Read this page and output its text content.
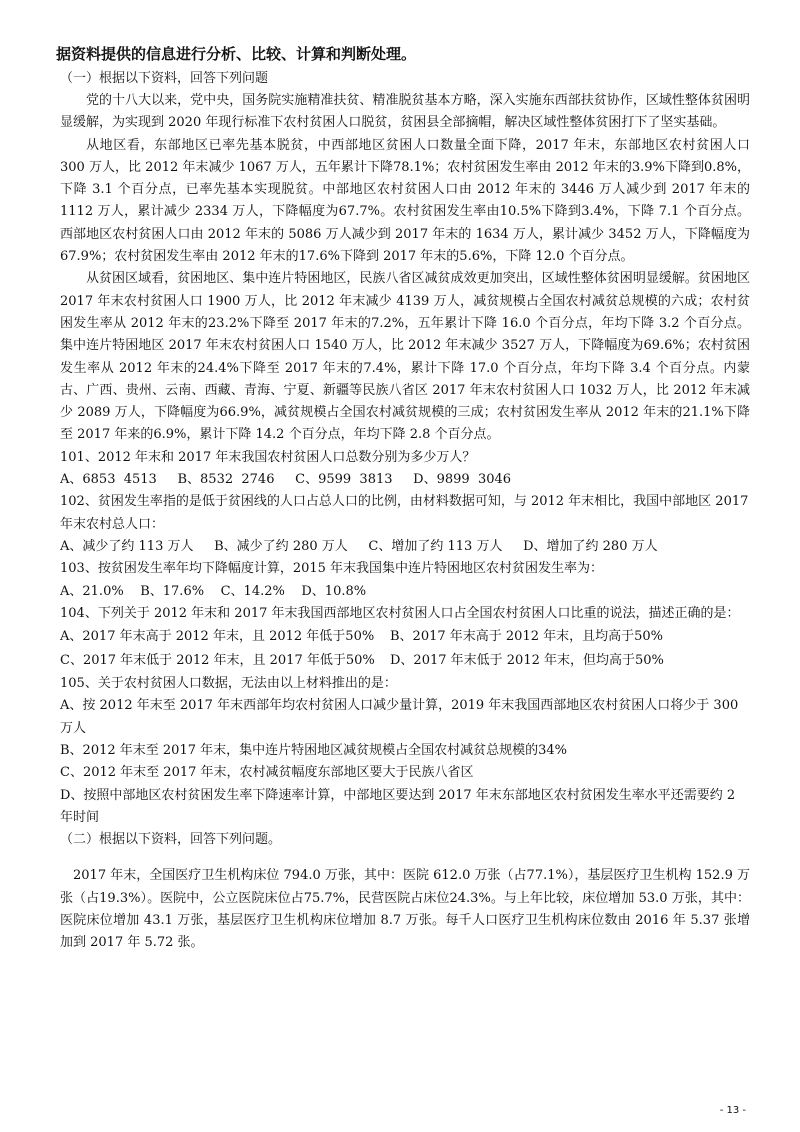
据资料提供的信息进行分析、比较、计算和判断处理。
（一）根据以下资料，回答下列问题

党的十八大以来，党中央，国务院实施精准扶贫、精准脱贫基本方略，深入实施东西部扶贫协作，区域性整体贫困明显缓解，为实现到 2020 年现行标准下农村贫困人口脱贫，贫困县全部摘帽，解决区域性整体贫困打下了坚实基础。

从地区看，东部地区已率先基本脱贫，中西部地区贫困人口数量全面下降，2017 年末，东部地区农村贫困人口 300 万人，比 2012 年末减少 1067 万人，五年累计下降78.1%；农村贫困发生率由 2012 年末的3.9%下降到0.8%，下降 3.1 个百分点，已率先基本实现脱贫。中部地区农村贫困人口由 2012 年末的 3446 万人减少到 2017 年末的 1112 万人，累计减少 2334 万人，下降幅度为67.7%。农村贫困发生率由10.5%下降到3.4%，下降 7.1 个百分点。西部地区农村贫困人口由 2012 年末的 5086 万人减少到 2017 年末的 1634 万人，累计减少 3452 万人，下降幅度为67.9%；农村贫困发生率由 2012 年末的17.6%下降到 2017 年末的5.6%，下降 12.0 个百分点。

从贫困区域看，贫困地区、集中连片特困地区，民族八省区减贫成效更加突出，区域性整体贫困明显缓解。贫困地区 2017 年末农村贫困人口 1900 万人，比 2012 年末减少 4139 万人，减贫规模占全国农村减贫总规模的六成；农村贫困发生率从 2012 年末的23.2%下降至 2017 年末的7.2%，五年累计下降 16.0 个百分点，年均下降 3.2 个百分点。集中连片特困地区 2017 年末农村贫困人口 1540 万人，比 2012 年末减少 3527 万人，下降幅度为69.6%；农村贫困发生率从 2012 年末的24.4%下降至 2017 年末的7.4%，累计下降 17.0 个百分点，年均下降 3.4 个百分点。内蒙古、广西、贵州、云南、西藏、青海、宁夏、新疆等民族八省区 2017 年末农村贫困人口 1032 万人，比 2012 年末减少 2089 万人，下降幅度为66.9%，减贫规模占全国农村减贫规模的三成；农村贫困发生率从 2012 年末的21.1%下降至 2017 年来的6.9%，累计下降 14.2 个百分点，年均下降 2.8 个百分点。

101、2012 年末和 2017 年末我国农村贫困人口总数分别为多少万人？
A、6853  4513     B、8532  2746     C、9599  3813     D、9899  3046
102、贫困发生率指的是低于贫困线的人口占总人口的比例，由材料数据可知，与 2012 年末相比，我国中部地区 2017 年末农村总人口：
A、减少了约 113 万人     B、减少了约 280 万人     C、增加了约 113 万人     D、增加了约 280 万人
103、按贫困发生率年均下降幅度计算，2015 年末我国集中连片特困地区农村贫困发生率为：
A、21.0%    B、17.6%    C、14.2%    D、10.8%
104、下列关于 2012 年末和 2017 年末我国西部地区农村贫困人口占全国农村贫困人口比重的说法，描述正确的是：
A、2017 年末高于 2012 年末，且 2012 年低于50%	B、2017 年末高于 2012 年末，且均高于50%
C、2017 年末低于 2012 年末，且 2017 年低于50%	D、2017 年末低于 2012 年末，但均高于50%
105、关于农村贫困人口数据，无法由以上材料推出的是：
A、按 2012 年末至 2017 年末西部年均农村贫困人口减少量计算，2019 年末我国西部地区农村贫困人口将少于 300 万人
B、2012 年末至 2017 年末，集中连片特困地区减贫规模占全国农村减贫总规模的34%
C、2012 年末至 2017 年末，农村减贫幅度东部地区要大于民族八省区
D、按照中部地区农村贫困发生率下降速率计算，中部地区要达到 2017 年末东部地区农村贫困发生率水平还需要约 2 年时间
（二）根据以下资料，回答下列问题。

2017 年末，全国医疗卫生机构床位 794.0 万张，其中：医院 612.0 万张（占77.1%），基层医疗卫生机构 152.9 万张（占19.3%）。医院中，公立医院床位占75.7%，民营医院占床位24.3%。与上年比较，床位增加 53.0 万张，其中：医院床位增加 43.1 万张，基层医疗卫生机构床位增加 8.7 万张。每千人口医疗卫生机构床位数由 2016 年 5.37 张增加到 2017 年 5.72 张。

- 13 -
